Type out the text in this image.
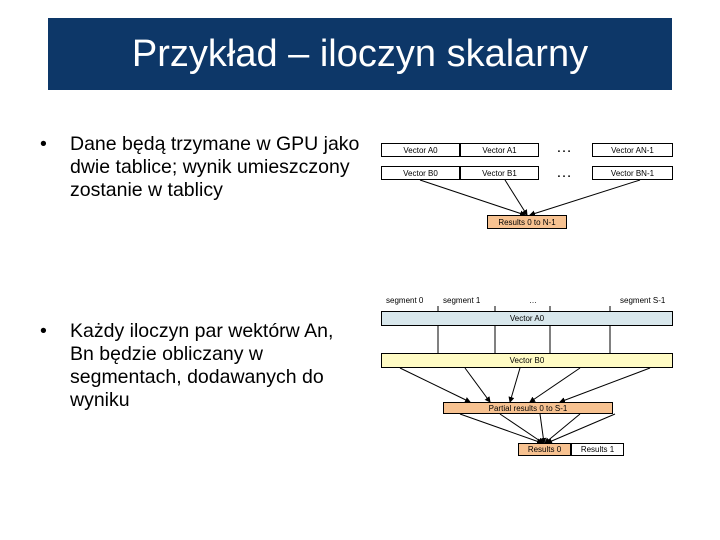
Przykład – iloczyn skalarny
• Dane będą trzymane w GPU jako dwie tablice; wynik umieszczony zostanie w tablicy
• Każdy iloczyn par wektórw An, Bn będzie obliczany w segmentach, dodawanych do wyniku
Vector A0	Vector A1	Vector AN-1
Vector B0	Vector B1	Vector BN-1
…
…
Results 0 to N-1
segment 0 segment 1	…	segment S-1
Vector A0
Vector B0
Partial results 0 to S-1
Results 0 Results 1
